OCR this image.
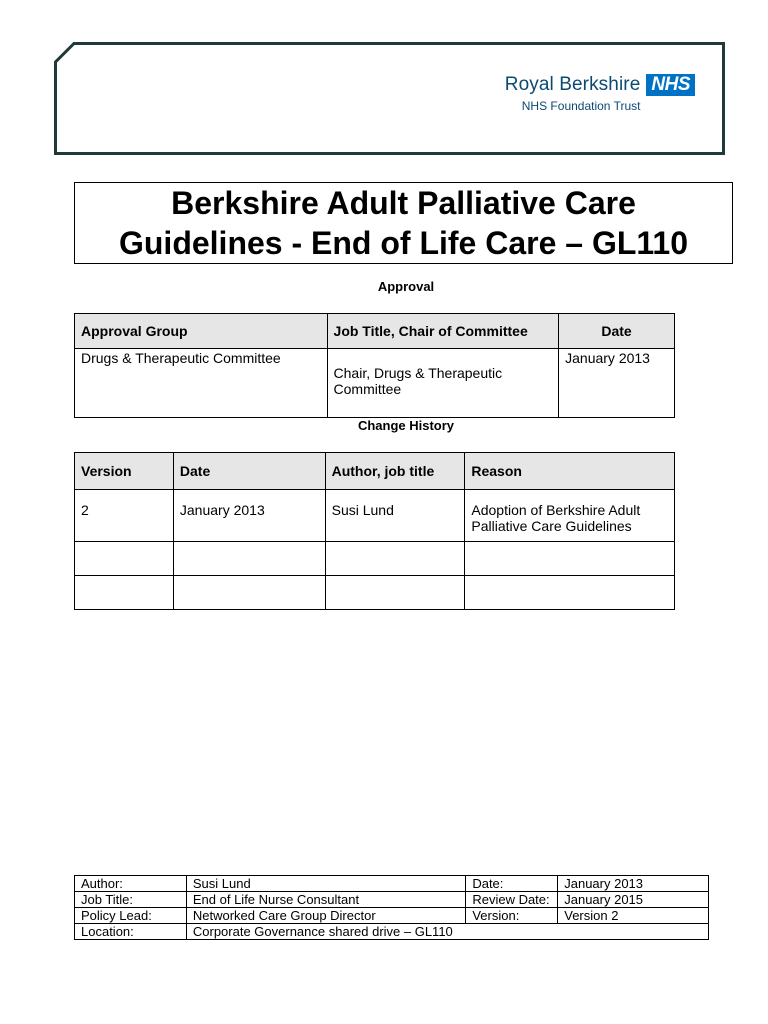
Royal Berkshire NHS
NHS Foundation Trust
Berkshire Adult Palliative Care
Guidelines - End of Life Care – GL110
Approval
Approval Group	Job Title, Chair of Committee	Date
Drugs & Therapeutic Committee	Chair, Drugs & Therapeutic Committee	January 2013
Change History
Version	Date	Author, job title	Reason
2	January 2013	Susi Lund	Adoption of Berkshire Adult Palliative Care Guidelines

Author:	Susi Lund	Date:	January 2013
Job Title:	End of Life Nurse Consultant	Review Date:	January 2015
Policy Lead:	Networked Care Group Director	Version:	Version 2
Location:	Corporate Governance shared drive – GL110		
